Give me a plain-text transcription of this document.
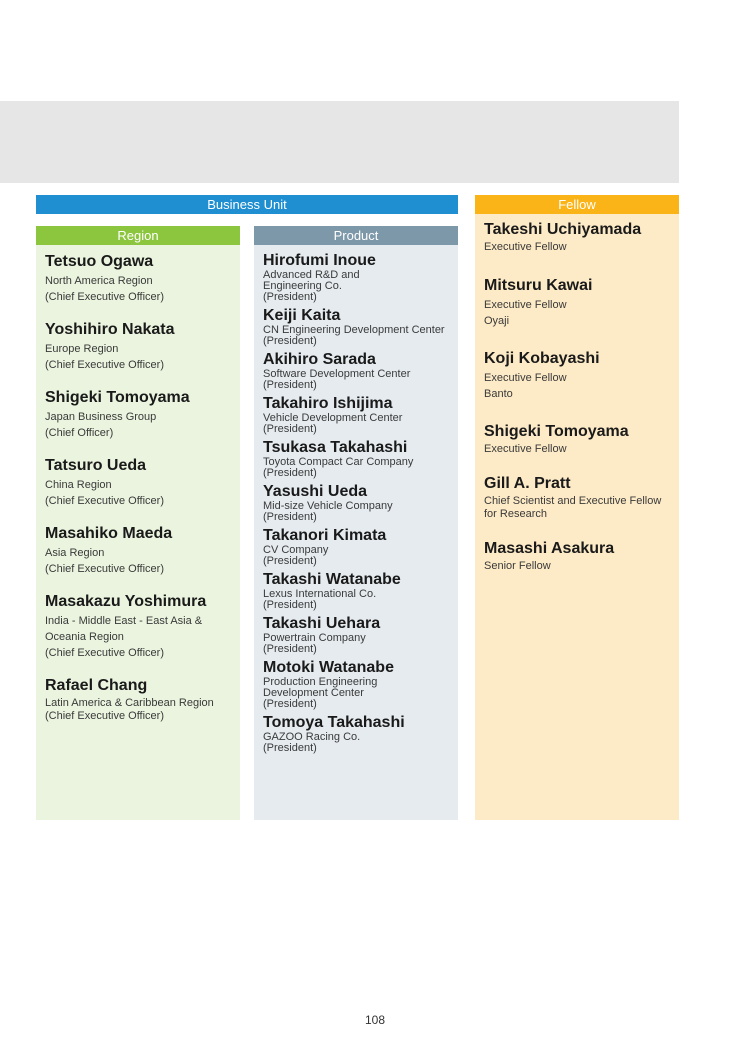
Business Unit	Fellow
Region	Product
Tetsuo Ogawa
North America Region
(Chief Executive Officer)
Yoshihiro Nakata
Europe Region
(Chief Executive Officer)
Shigeki Tomoyama
Japan Business Group
(Chief Officer)
Tatsuro Ueda
China Region
(Chief Executive Officer)
Masahiko Maeda
Asia Region
(Chief Executive Officer)
Masakazu Yoshimura
India - Middle East - East Asia & Oceania Region
(Chief Executive Officer)
Rafael Chang
Latin America & Caribbean Region
(Chief Executive Officer)
Hirofumi Inoue
Advanced R&D and Engineering Co.
(President)
Keiji Kaita
CN Engineering Development Center
(President)
Akihiro Sarada
Software Development Center
(President)
Takahiro Ishijima
Vehicle Development Center
(President)
Tsukasa Takahashi
Toyota Compact Car Company
(President)
Yasushi Ueda
Mid-size Vehicle Company
(President)
Takanori Kimata
CV Company
(President)
Takashi Watanabe
Lexus International Co.
(President)
Takashi Uehara
Powertrain Company
(President)
Motoki Watanabe
Production Engineering Development Center
(President)
Tomoya Takahashi
GAZOO Racing Co.
(President)
Takeshi Uchiyamada
Executive Fellow
Mitsuru Kawai
Executive Fellow
Oyaji
Koji Kobayashi
Executive Fellow
Banto
Shigeki Tomoyama
Executive Fellow
Gill A. Pratt
Chief Scientist and Executive Fellow for Research
Masashi Asakura
Senior Fellow
108
